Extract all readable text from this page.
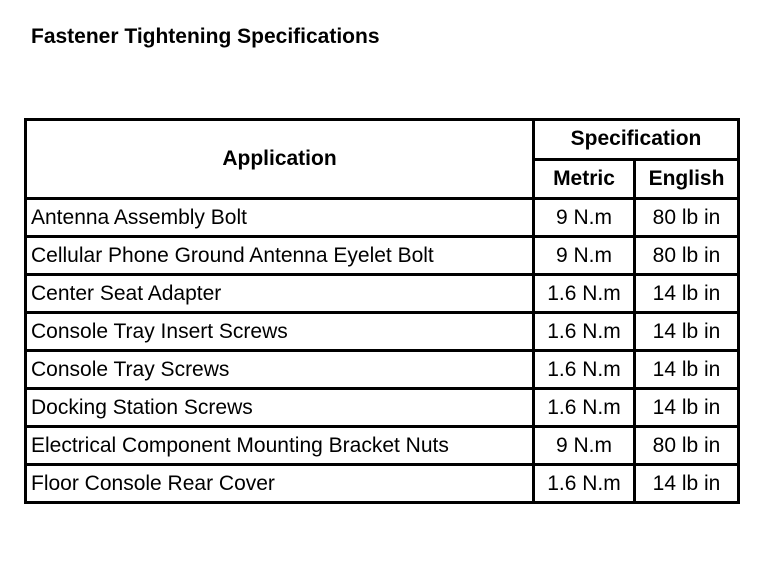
Fastener Tightening Specifications
Application	Specification	
	Metric	English
Antenna Assembly Bolt	9 N.m	80 lb in
Cellular Phone Ground Antenna Eyelet Bolt	9 N.m	80 lb in
Center Seat Adapter	1.6 N.m	14 lb in
Console Tray Insert Screws	1.6 N.m	14 lb in
Console Tray Screws	1.6 N.m	14 lb in
Docking Station Screws	1.6 N.m	14 lb in
Electrical Component Mounting Bracket Nuts	9 N.m	80 lb in
Floor Console Rear Cover	1.6 N.m	14 lb in
